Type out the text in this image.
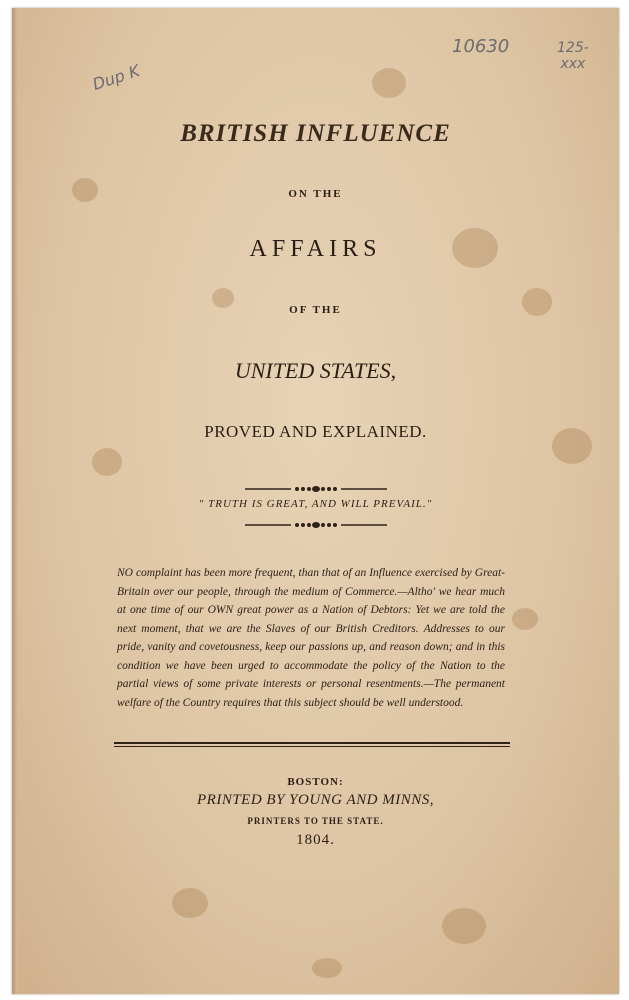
Dup K
10630	125-
xxx
BRITISH INFLUENCE
ON THE
AFFAIRS
OF THE
UNITED STATES,
PROVED AND EXPLAINED.
" TRUTH IS GREAT, AND WILL PREVAIL."
NO complaint has been more frequent, than that of an Influence exercised by Great-Britain over our people, through the medium of Commerce.—Altho' we hear much at one time of our OWN great power as a Nation of Debtors: Yet we are told the next moment, that we are the Slaves of our British Creditors. Addresses to our pride, vanity and covetousness, keep our passions up, and reason down; and in this condition we have been urged to accommodate the policy of the Nation to the partial views of some private interests or personal resentments.—The permanent welfare of the Country requires that this subject should be well understood.
BOSTON:
PRINTED BY YOUNG AND MINNS,
PRINTERS TO THE STATE.
1804.
